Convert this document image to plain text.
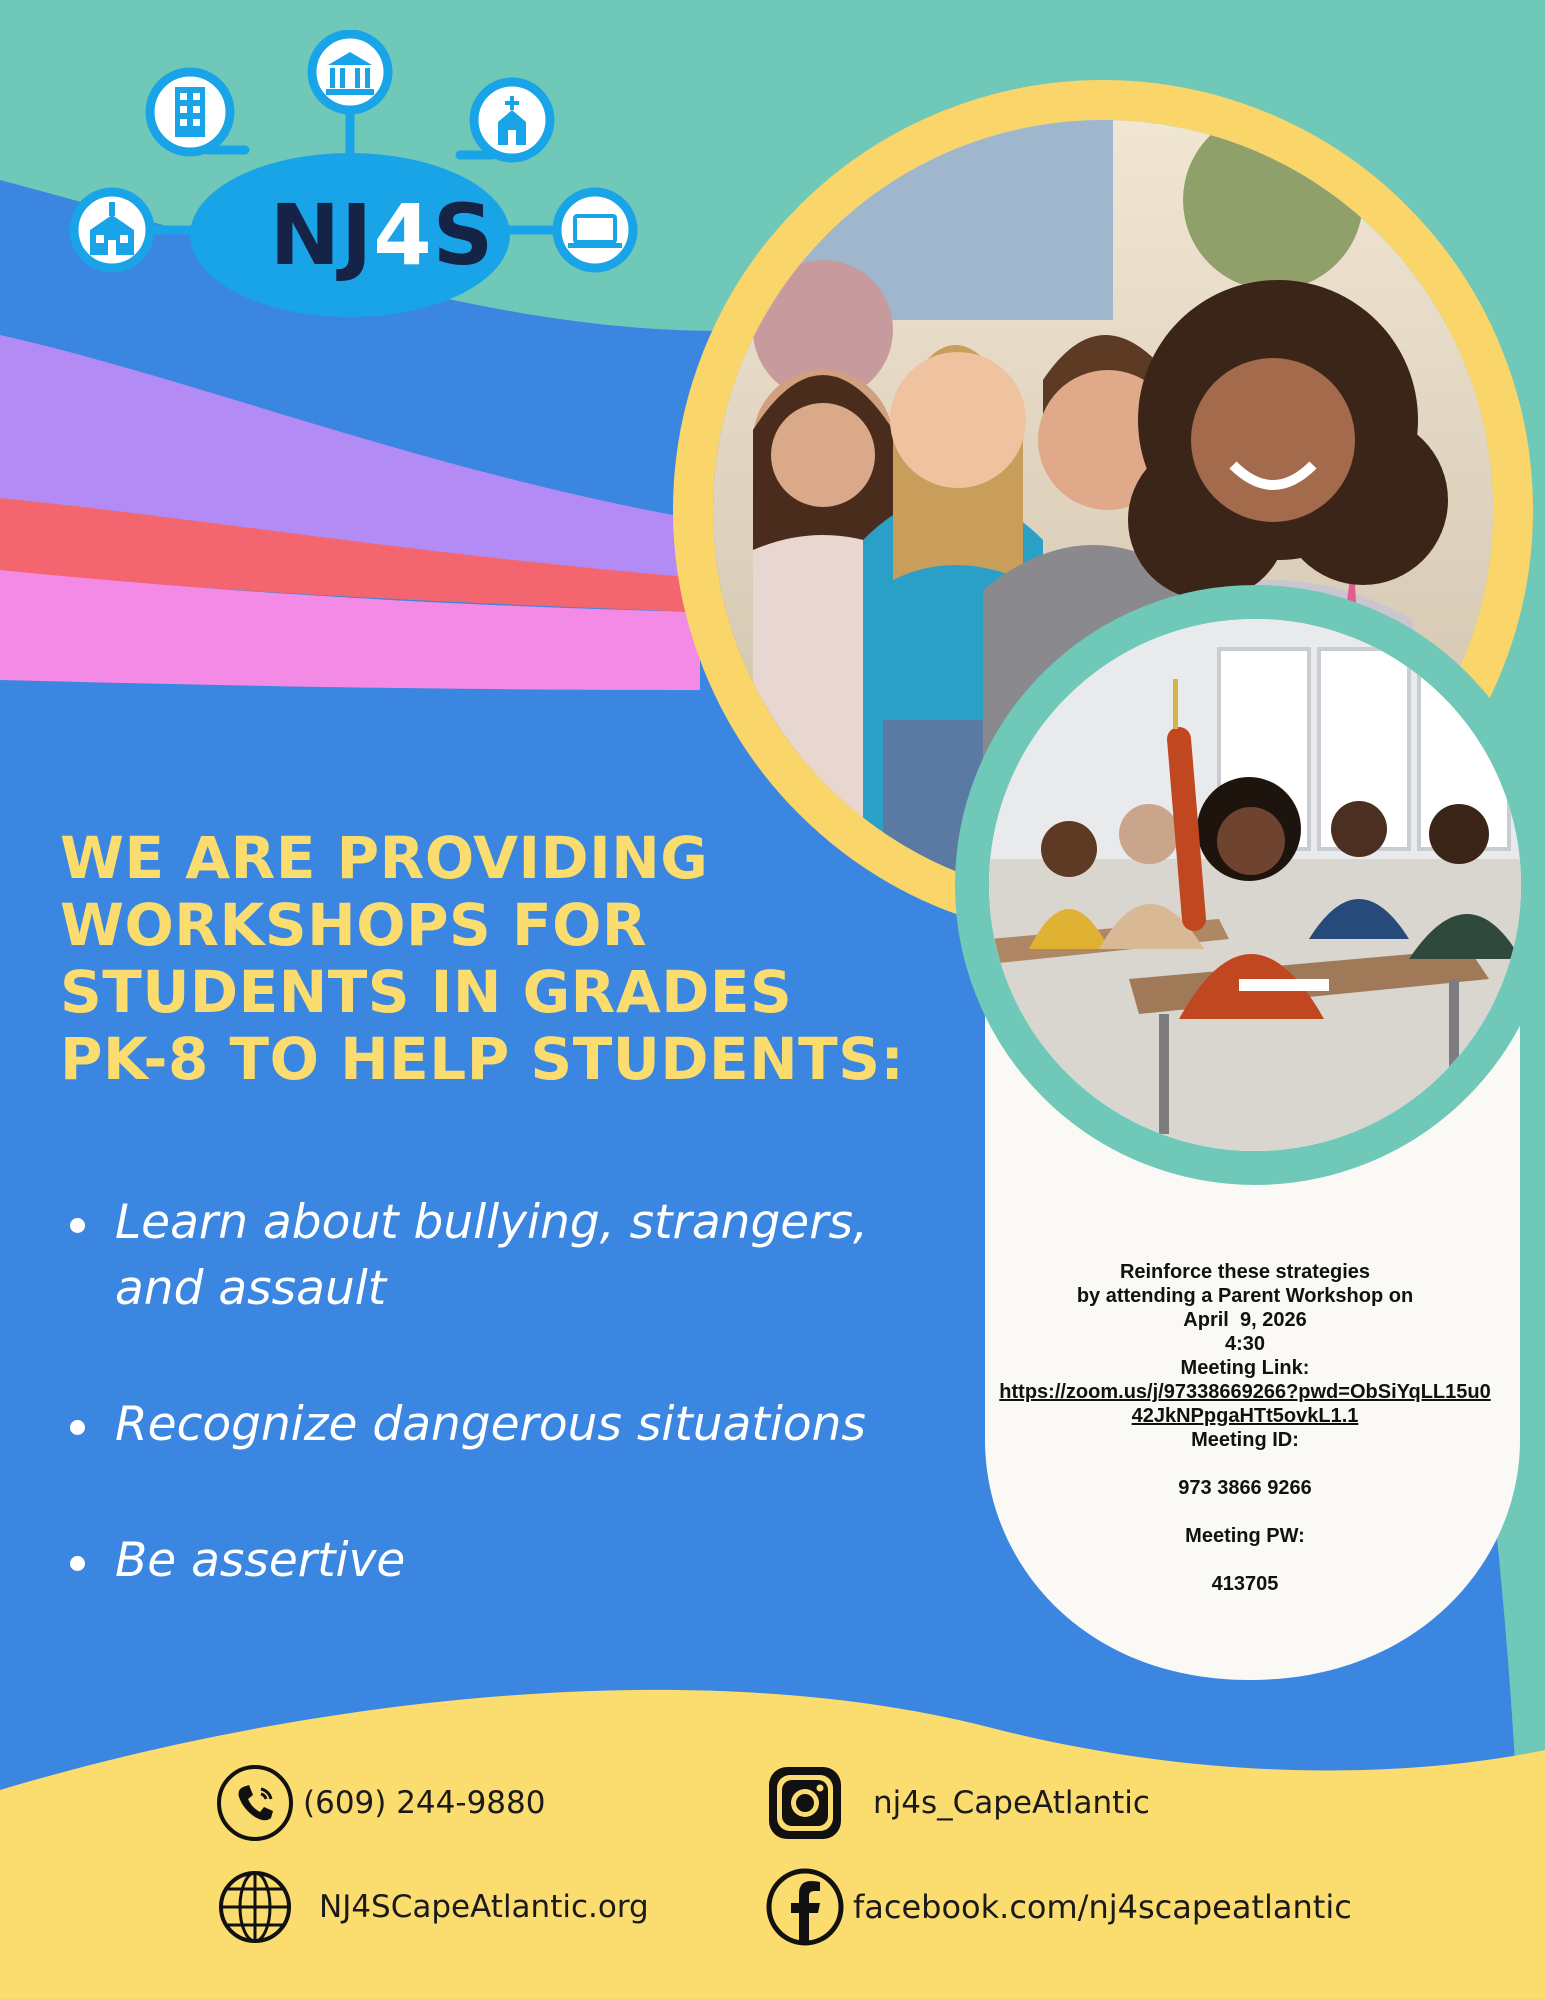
NJ4S
WE ARE PROVIDING
WORKSHOPS FOR
STUDENTS IN GRADES
PK-8 TO HELP STUDENTS:
Learn about bullying, strangers, and assault
Recognize dangerous situations
Be assertive
Reinforce these strategies
by attending a Parent Workshop on
April  9, 2026
4:30
Meeting Link:
https://zoom.us/j/97338669266?pwd=ObSiYqLL15u042JkNPpgaHTt5ovkL1.1
Meeting ID:
973 3866 9266
Meeting PW:
413705
(609) 244-9880
NJ4SCapeAtlantic.org
nj4s_CapeAtlantic
facebook.com/nj4scapeatlantic
